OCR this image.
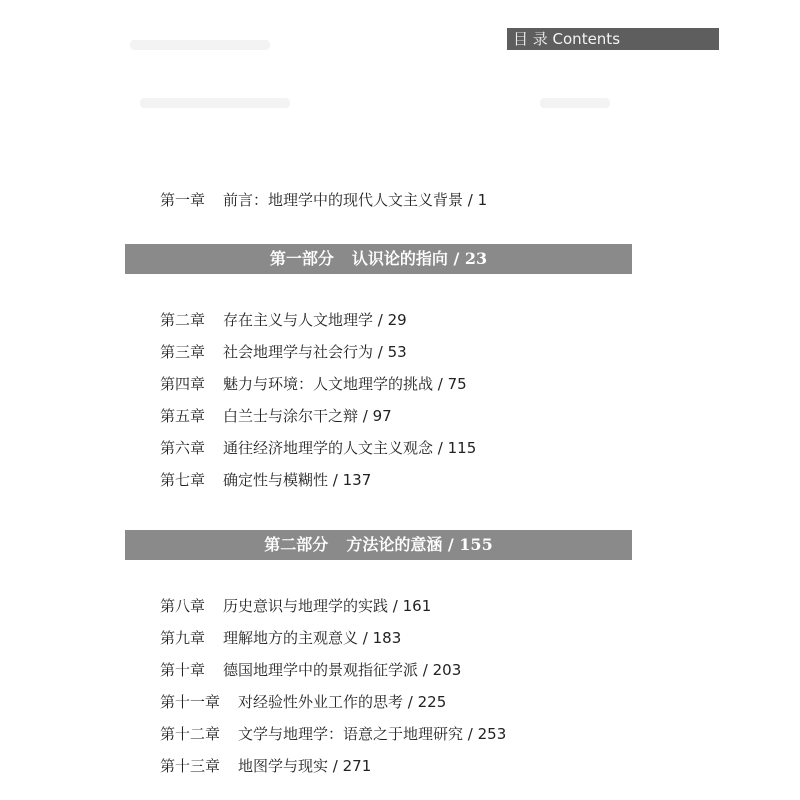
目 录 Contents
第一章 前言：地理学中的现代人文主义背景 / 1
第一部分 认识论的指向 / 23
第二章 存在主义与人文地理学 / 29
第三章 社会地理学与社会行为 / 53
第四章 魅力与环境：人文地理学的挑战 / 75
第五章 白兰士与涂尔干之辩 / 97
第六章 通往经济地理学的人文主义观念 / 115
第七章 确定性与模糊性 / 137
第二部分 方法论的意涵 / 155
第八章 历史意识与地理学的实践 / 161
第九章 理解地方的主观意义 / 183
第十章 德国地理学中的景观指征学派 / 203
第十一章 对经验性外业工作的思考 / 225
第十二章 文学与地理学：语意之于地理研究 / 253
第十三章 地图学与现实 / 271
